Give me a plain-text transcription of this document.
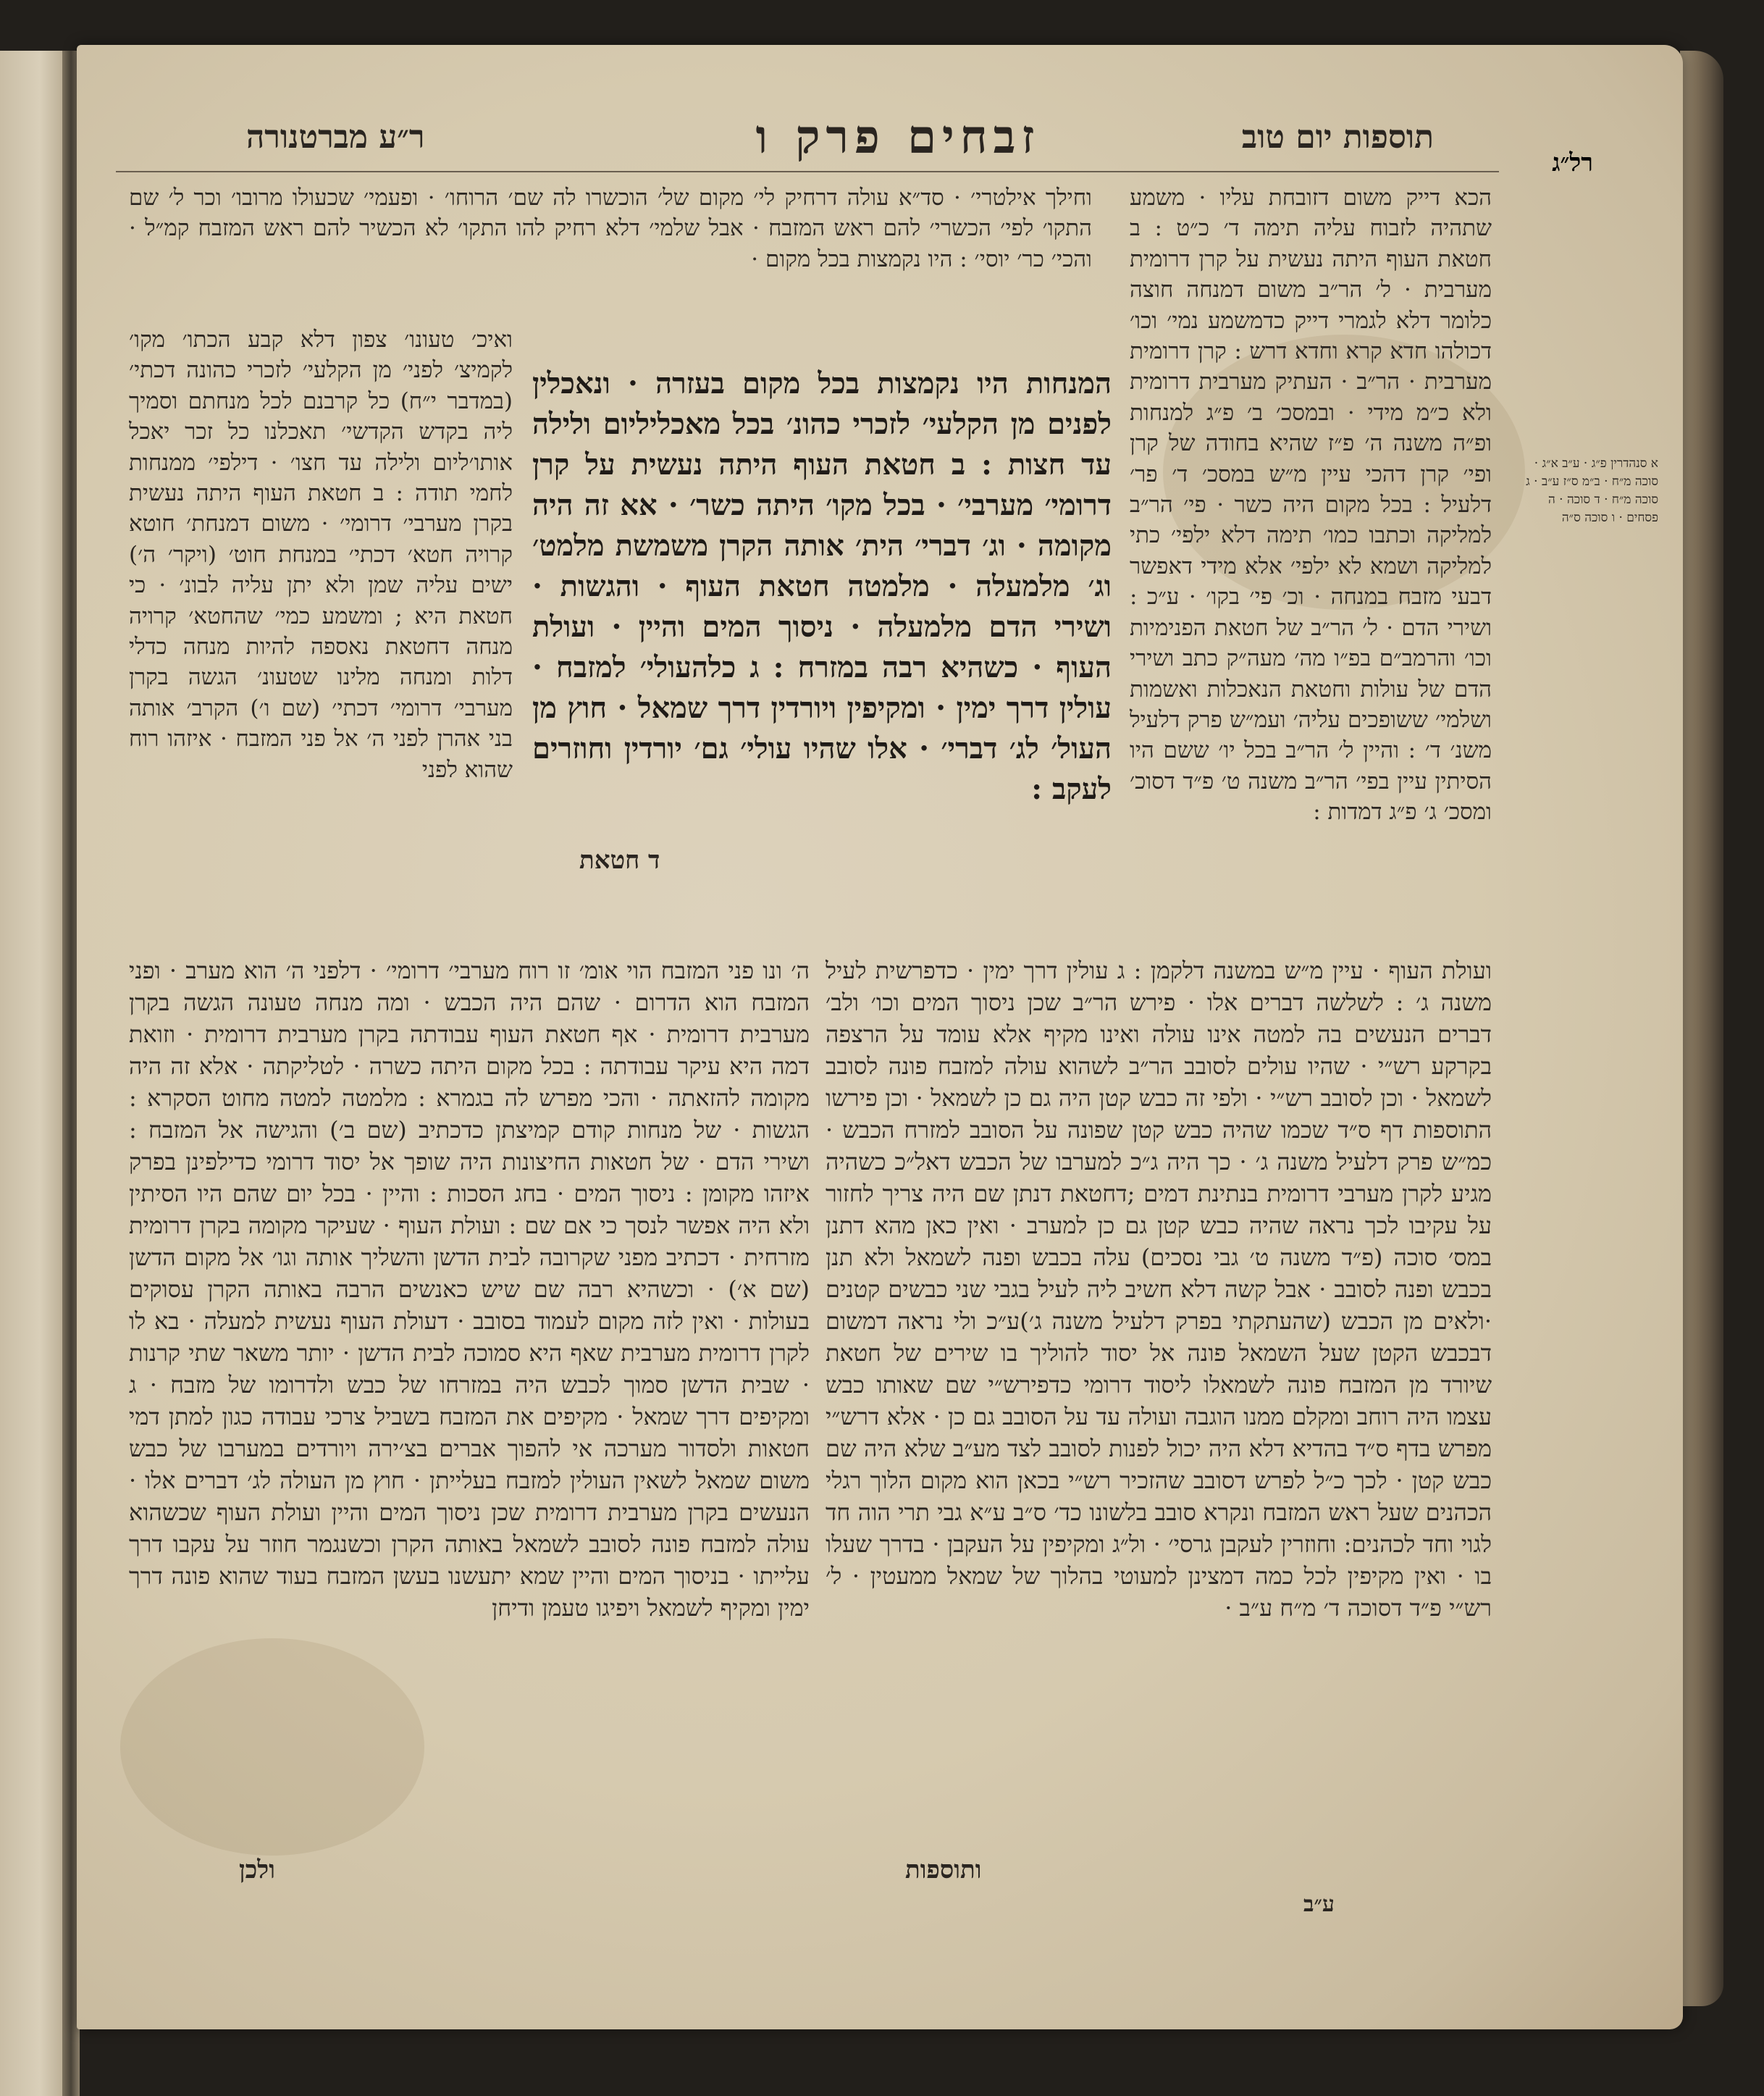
תוספות יום טוב
זבחים פרק ו
ר״ע מברטנורה
רל״ג

הכא דייק משום דזובחת עליו · משמע שתהיה לזבוח עליה תימה ד׳ כ״ט : ב חטאת העוף היתה נעשית על קרן דרומית מערבית · ל׳ הר״ב משום דמנחה חוצה כלומר דלא לגמרי דייק כדמשמע נמי׳ וכו׳ דכולהו חדא קרא וחדא דרש : קרן דרומית מערבית · הר״ב · העתיק מערבית דרומית ולא כ״מ מידי · ובמסכ׳ ב׳ פ״ג למנחות ופ״ה משנה ה׳ פ״ז שהיא בחודה של קרן ופי׳ קרן דהכי עיין מ״ש במסכ׳ ד׳ פר׳ דלעיל : בכל מקום היה כשר · פי׳ הר״ב למליקה וכתבו כמו׳ תימה דלא ילפי׳ כתי למליקה ושמא לא ילפי׳ אלא מידי דאפשר דבעי מזבח במנחה · וכ׳ פי׳ בקו׳ · ע״כ : ושירי הדם · ל׳ הר״ב של חטאת הפנימיות וכו׳ והרמב״ם בפ״ו מה׳ מעה״ק כתב ושירי הדם של עולות וחטאת הנאכלות ואשמות ושלמי׳ ששופכים עליה׳ ועמ״ש פרק דלעיל משנ׳ ד׳ : והיין ל׳ הר״ב בכל יו׳ ששם היו הסיתין עיין בפי׳ הר״ב משנה ט׳ פ״ד דסוכ׳ ומסכ׳ ג׳ פ״ג דמדות :

וחילך אילטרי׳ · סד״א עולה דרחיק לי׳ מקום של׳ הוכשרו לה שם׳ הרוחו׳ · ופעמי׳ שכעולו מרובו׳ וכר ל׳ שם התקו׳ לפי׳ הכשרי׳ להם ראש המזבח · אבל שלמי׳ דלא רחיק להו התקו׳ לא הכשיר להם ראש המזבח קמ״ל · והכי׳ כר׳ יוסי׳ : היו נקמצות בכל מקום ·

ואיכ׳ טעונו׳ צפון דלא קבע הכתו׳ מקו׳ לקמיצ׳ לפני׳ מן הקלעי׳ לזכרי כהונה דכתי׳ (במדבר י״ח) כל קרבנם לכל מנחתם וסמיך ליה בקדש הקדשי׳ תאכלנו כל זכר יאכל אותו׳ליום ולילה עד חצו׳ · דילפי׳ ממנחות לחמי תודה : ב חטאת העוף היתה נעשית בקרן מערבי׳ דרומי׳ · משום דמנחת׳ חוטא קרויה חטא׳ דכתי׳ במנחת חוט׳ (ויקר׳ ה׳) ישים עליה שמן ולא יתן עליה לבונ׳ · כי חטאת היא ; ומשמע כמי׳ שהחטא׳ קרויה מנחה דחטאת נאספה להיות מנחה כדלי דלות ומנחה מלינו שטעונ׳ הגשה בקרן מערבי׳ דרומי׳ דכתי׳ (שם ו׳) הקרב׳ אותה בני אהרן לפני ה׳ אל פני המזבח · איזהו רוח שהוא לפני

המנחות היו נקמצות בכל מקום בעזרה · ונאכלין לפנים מן הקלעי׳ לזכרי כהונ׳ בכל מאכליליום ולילה עד חצות : ב חטאת העוף היתה נעשית על קרן דרומי׳ מערבי׳ · בכל מקו׳ היתה כשר׳ · אא זה היה מקומה · וג׳ דברי׳ הית׳ אותה הקרן משמשת מלמט׳ וג׳ מלמעלה · מלמטה חטאת העוף · והגשות · ושירי הדם מלמעלה · ניסוך המים והיין · ועולת העוף · כשהיא רבה במזרח : ג כלהעולי׳ למזבח · עולין דרך ימין · ומקיפין ויורדין דרך שמאל · חוץ מן העול׳ לג׳ דברי׳ · אלו שהיו עולי׳ גם׳ יורדין וחוזרים לעקב :

ד חטאת
א סנהדרין פ״ג · ע״ב א״ג · סוכה מ״ח · ב״מ ס״ז ע״ב · ג סוכה מ״ח · ד סוכה · ה פסחים · ו סוכה ס״ה

ועולת העוף · עיין מ״ש במשנה דלקמן : ג עולין דרך ימין · כדפרשית לעיל משנה ג׳ : לשלשה דברים אלו · פירש הר״ב שכן ניסוך המים וכו׳ ולב׳ דברים הנעשים בה למטה אינו עולה ואינו מקיף אלא עומד על הרצפה בקרקע רש״י · שהיו עולים לסובב הר״ב לשהוא עולה למזבח פונה לסובב לשמאל · וכן לסובב רש״י · ולפי זה כבש קטן היה גם כן לשמאל · וכן פירשו התוספות דף ס״ד שכמו שהיה כבש קטן שפונה על הסובב למזרח הכבש · כמ״ש פרק דלעיל משנה ג׳ · כך היה ג״כ למערבו של הכבש דאל״כ כשהיה מגיע לקרן מערבי דרומית בנתינת דמים ;דחטאת דנתן שם היה צריך לחזור על עקיבו לכך נראה שהיה כבש קטן גם כן למערב · ואין כאן מהא דתנן במס׳ סוכה (פ״ד משנה ט׳ גבי נסכים) עלה בכבש ופנה לשמאל ולא תנן בכבש ופנה לסובב · אבל קשה דלא חשיב ליה לעיל בגבי שני כבשים קטנים ·ולאים מן הכבש (שהעתקתי בפרק דלעיל משנה ג׳)ע״כ ולי נראה דמשום דבכבש הקטן שעל השמאל פונה אל יסוד להוליך בו שירים של חטאת שיורד מן המזבח פונה לשמאלו ליסוד דרומי כדפירש״י שם שאותו כבש עצמו היה רוחב ומקלם ממנו הוגבה ועולה עד על הסובב גם כן · אלא דרש״י מפרש בדף ס״ד בהדיא דלא היה יכול לפנות לסובב לצד מע״ב שלא היה שם כבש קטן · לכך כ״ל לפרש דסובב שהזכיר רש״י בכאן הוא מקום הלוך רגלי הכהנים שעל ראש המזבח ונקרא סובב בלשונו כד׳ ס״ב ע״א גבי תרי הוה חד לגוי וחד לכהנים: וחוזרין לעקבן גרסי׳ · ול״ג ומקיפין על העקבן · בדרך שעלו בו · ואין מקיפין לכל כמה דמצינן למעוטי בהלוך של שמאל ממעטין · ל׳ רש״י פ״ד דסוכה ד׳ מ״ח ע״ב ·

ה׳ ונו פני המזבח הוי אומ׳ זו רוח מערבי׳ דרומי׳ · דלפני ה׳ הוא מערב · ופני המזבח הוא הדרום · שהם היה הכבש · ומה מנחה טעונה הגשה בקרן מערבית דרומית · אף חטאת העוף עבודתה בקרן מערבית דרומית · וזואת דמה היא עיקר עבודתה : בכל מקום היתה כשרה · לטליקתה · אלא זה היה מקומה להזאתה · והכי מפרש לה בגמרא : מלמטה למטה מחוט הסקרא : הגשות · של מנחות קודם קמיצתן כדכתיב (שם ב׳) והגישה אל המזבח : ושירי הדם · של חטאות החיצונות היה שופך אל יסוד דרומי כדילפינן בפרק איזהו מקומן : ניסוך המים · בחג הסכות : והיין · בכל יום שהם היו הסיתין ולא היה אפשר לנסך כי אם שם : ועולת העוף · שעיקר מקומה בקרן דרומית מזרחית · דכתיב מפני שקרובה לבית הדשן והשליך אותה וגו׳ אל מקום הדשן (שם א׳) · וכשהיא רבה שם שיש כאנשים הרבה באותה הקרן עסוקים בעולות · ואין לזה מקום לעמוד בסובב · דעולת העוף נעשית למעלה · בא לו לקרן דרומית מערבית שאף היא סמוכה לבית הדשן · יותר משאר שתי קרנות · שבית הדשן סמוך לכבש היה במזרחו של כבש ולדרומו של מזבח · ג ומקיפים דרך שמאל · מקיפים את המזבח בשביל צרכי עבודה כגון למתן דמי חטאות ולסדור מערכה אי להפוך אברים בצ׳ירה ויורדים במערבו של כבש משום שמאל לשאין העולין למזבח בעלייתן · חוץ מן העולה לג׳ דברים אלו · הנעשים בקרן מערבית דרומית שכן ניסוך המים והיין ועולת העוף שכשהוא עולה למזבח פונה לסובב לשמאל באותה הקרן וכשנגמר חוזר על עקבו דרך עלייתו · בניסוך המים והיין שמא יתעשנו בעשן המזבח בעוד שהוא פונה דרך ימין ומקיף לשמאל ויפיגו טעמן ודיחן

ותוספות
ולכן
ע״ב
